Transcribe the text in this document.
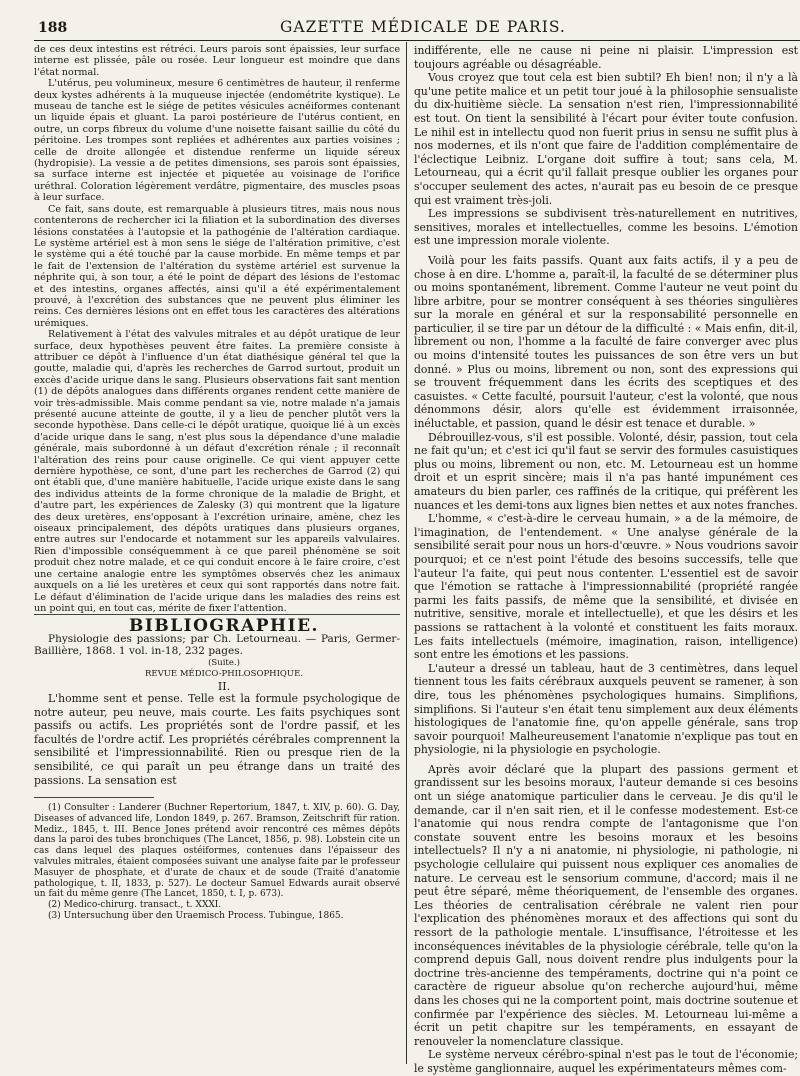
188	GAZETTE MÉDICALE DE PARIS.

de ces deux intestins est rétréci. Leurs parois sont épaissies, leur surface interne est plissée, pâle ou rosée. Leur longueur est moindre que dans l'état normal.

L'utérus, peu volumineux, mesure 6 centimètres de hauteur, il renferme deux kystes adhérents à la muqueuse injectée (endométrite kystique). Le museau de tanche est le siége de petites vésicules acnéiformes contenant un liquide épais et gluant. La paroi postérieure de l'utérus contient, en outre, un corps fibreux du volume d'une noisette faisant saillie du côté du péritoine. Les trompes sont repliées et adhérentes aux parties voisines ; celle de droite allongée et distendue renferme un liquide séreux (hydropisie). La vessie a de petites dimensions, ses parois sont épaissies, sa surface interne est injectée et piquetée au voisinage de l'orifice uréthral. Coloration légèrement verdâtre, pigmentaire, des muscles psoas à leur surface.

Ce fait, sans doute, est remarquable à plusieurs titres, mais nous nous contenterons de rechercher ici la filiation et la subordination des diverses lésions constatées à l'autopsie et la pathogénie de l'altération cardiaque. Le système artériel est à mon sens le siége de l'altération primitive, c'est le système qui a été touché par la cause morbide. En même temps et par le fait de l'extension de l'altération du système artériel est survenue la néphrite qui, à son tour, a été le point de départ des lésions de l'estomac et des intestins, organes affectés, ainsi qu'il a été expérimentalement prouvé, à l'excrétion des substances que ne peuvent plus éliminer les reins. Ces dernières lésions ont en effet tous les caractères des altérations urémiques.

Relativement à l'état des valvules mitrales et au dépôt uratique de leur surface, deux hypothèses peuvent être faites. La première consiste à attribuer ce dépôt à l'influence d'un état diathésique général tel que la goutte, maladie qui, d'après les recherches de Garrod surtout, produit un excès d'acide urique dans le sang. Plusieurs observations fait sant mention (1) de dépôts analogues dans différents organes rendent cette manière de voir très-admissible. Mais comme pendant sa vie, notre malade n'a jamais présenté aucune atteinte de goutte, il y a lieu de pencher plutôt vers la seconde hypothèse. Dans celle-ci le dépôt uratique, quoique lié à un excès d'acide urique dans le sang, n'est plus sous la dépendance d'une maladie générale, mais subordonné à un défaut d'excrétion rénale ; il reconnaît l'altération des reins pour cause originelle. Ce qui vient appuyer cette dernière hypothèse, ce sont, d'une part les recherches de Garrod (2) qui ont établi que, d'une manière habituelle, l'acide urique existe dans le sang des individus atteints de la forme chronique de la maladie de Bright, et d'autre part, les expériences de Zalesky (3) qui montrent que la ligature des deux uretères, ens'opposant à l'excrétion urinaire, amène, chez les oiseaux principalement, des dépôts uratiques dans plusieurs organes, entre autres sur l'endocarde et notamment sur les appareils valvulaires. Rien d'impossible conséquemment à ce que pareil phénomène se soit produit chez notre malade, et ce qui conduit encore à le faire croire, c'est une certaine analogie entre les symptômes observés chez les animaux auxquels on a lié les uretères et ceux qui sont rapportés dans notre fait. Le défaut d'élimination de l'acide urique dans les maladies des reins est un point qui, en tout cas, mérite de fixer l'attention.

BIBLIOGRAPHIE.

Physiologie des passions; par Ch. Letourneau. — Paris, Germer-Baillière, 1868. 1 vol. in-18, 232 pages.

(Suite.)

REVUE MÉDICO-PHILOSOPHIQUE.

II.

L'homme sent et pense. Telle est la formule psychologique de notre auteur, peu neuve, mais courte. Les faits psychiques sont passifs ou actifs. Les propriétés sont de l'ordre passif, et les facultés de l'ordre actif. Les propriétés cérébrales comprennent la sensibilité et l'impressionnabilité. Rien ou presque rien de la sensibilité, ce qui paraît un peu étrange dans un traité des passions. La sensation est

(1) Consulter : Landerer (Buchner Repertorium, 1847, t. XIV, p. 60). G. Day, Diseases of advanced life, London 1849, p. 267. Bramson, Zeitschrift für ration. Mediz., 1845, t. III. Bence Jones prétend avoir rencontré ces mêmes dépôts dans la paroi des tubes bronchiques (The Lancet, 1856, p. 98). Lobstein cite un cas dans lequel des plaques ostéiformes, contenues dans l'épaisseur des valvules mitrales, étaient composées suivant une analyse faite par le professeur Masuyer de phosphate, et d'urate de chaux et de soude (Traité d'anatomie pathologique, t. II, 1833, p. 527). Le docteur Samuel Edwards aurait observé un fait du même genre (The Lancet, 1850, t. I, p. 673).

(2) Medico-chirurg. transact., t. XXXI.

(3) Untersuchung über den Uraemisch Process. Tubingue, 1865.

indifférente, elle ne cause ni peine ni plaisir. L'impression est toujours agréable ou désagréable.

Vous croyez que tout cela est bien subtil? Eh bien! non; il n'y a là qu'une petite malice et un petit tour joué à la philosophie sensualiste du dix-huitième siècle. La sensation n'est rien, l'impressionnabilité est tout. On tient la sensibilité à l'écart pour éviter toute confusion. Le nihil est in intellectu quod non fuerit prius in sensu ne suffit plus à nos modernes, et ils n'ont que faire de l'addition complémentaire de l'éclectique Leibniz. L'organe doit suffire à tout; sans cela, M. Letourneau, qui a écrit qu'il fallait presque oublier les organes pour s'occuper seulement des actes, n'aurait pas eu besoin de ce presque qui est vraiment très-joli.

Les impressions se subdivisent très-naturellement en nutritives, sensitives, morales et intellectuelles, comme les besoins. L'émotion est une impression morale violente.

Voilà pour les faits passifs. Quant aux faits actifs, il y a peu de chose à en dire. L'homme a, paraît-il, la faculté de se déterminer plus ou moins spontanément, librement. Comme l'auteur ne veut point du libre arbitre, pour se montrer conséquent à ses théories singulières sur la morale en général et sur la responsabilité personnelle en particulier, il se tire par un détour de la difficulté : « Mais enfin, dit-il, librement ou non, l'homme a la faculté de faire converger avec plus ou moins d'intensité toutes les puissances de son être vers un but donné. » Plus ou moins, librement ou non, sont des expressions qui se trouvent fréquemment dans les écrits des sceptiques et des casuistes. « Cette faculté, poursuit l'auteur, c'est la volonté, que nous dénommons désir, alors qu'elle est évidemment irraisonnée, inéluctable, et passion, quand le désir est tenace et durable. »

Débrouillez-vous, s'il est possible. Volonté, désir, passion, tout cela ne fait qu'un; et c'est ici qu'il faut se servir des formules casuistiques plus ou moins, librement ou non, etc. M. Letourneau est un homme droit et un esprit sincère; mais il n'a pas hanté impunément ces amateurs du bien parler, ces raffinés de la critique, qui préfèrent les nuances et les demi-tons aux lignes bien nettes et aux notes franches.

L'homme, « c'est-à-dire le cerveau humain, » a de la mémoire, de l'imagination, de l'entendement. « Une analyse générale de la sensibilité serait pour nous un hors-d'œuvre. » Nous voudrions savoir pourquoi; et ce n'est point l'étude des besoins successifs, telle que l'auteur l'a faite, qui peut nous contenter. L'essentiel est de savoir que l'émotion se rattache à l'impressionnabilité (propriété rangée parmi les faits passifs, de même que la sensibilité, et divisée en nutritive, sensitive, morale et intellectuelle), et que les désirs et les passions se rattachent à la volonté et constituent les faits moraux. Les faits intellectuels (mémoire, imagination, raison, intelligence) sont entre les émotions et les passions.

L'auteur a dressé un tableau, haut de 3 centimètres, dans lequel tiennent tous les faits cérébraux auxquels peuvent se ramener, à son dire, tous les phénomènes psychologiques humains. Simplifions, simplifions. Si l'auteur s'en était tenu simplement aux deux éléments histologiques de l'anatomie fine, qu'on appelle générale, sans trop savoir pourquoi! Malheureusement l'anatomie n'explique pas tout en physiologie, ni la physiologie en psychologie.

Après avoir déclaré que la plupart des passions germent et grandissent sur les besoins moraux, l'auteur demande si ces besoins ont un siége anatomique particulier dans le cerveau. Je dis qu'il le demande, car il n'en sait rien, et il le confesse modestement. Est-ce l'anatomie qui nous rendra compte de l'antagonisme que l'on constate souvent entre les besoins moraux et les besoins intellectuels? Il n'y a ni anatomie, ni physiologie, ni pathologie, ni psychologie cellulaire qui puissent nous expliquer ces anomalies de nature. Le cerveau est le sensorium commune, d'accord; mais il ne peut être séparé, même théoriquement, de l'ensemble des organes. Les théories de centralisation cérébrale ne valent rien pour l'explication des phénomènes moraux et des affections qui sont du ressort de la pathologie mentale. L'insuffisance, l'étroitesse et les inconséquences inévitables de la physiologie cérébrale, telle qu'on la comprend depuis Gall, nous doivent rendre plus indulgents pour la doctrine très-ancienne des tempéraments, doctrine qui n'a point ce caractère de rigueur absolue qu'on recherche aujourd'hui, même dans les choses qui ne la comportent point, mais doctrine soutenue et confirmée par l'expérience des siècles. M. Letourneau lui-même a écrit un petit chapitre sur les tempéraments, en essayant de renouveler la nomenclature classique.

Le système nerveux cérébro-spinal n'est pas le tout de l'économie; le système ganglionnaire, auquel les expérimentateurs mêmes com-
